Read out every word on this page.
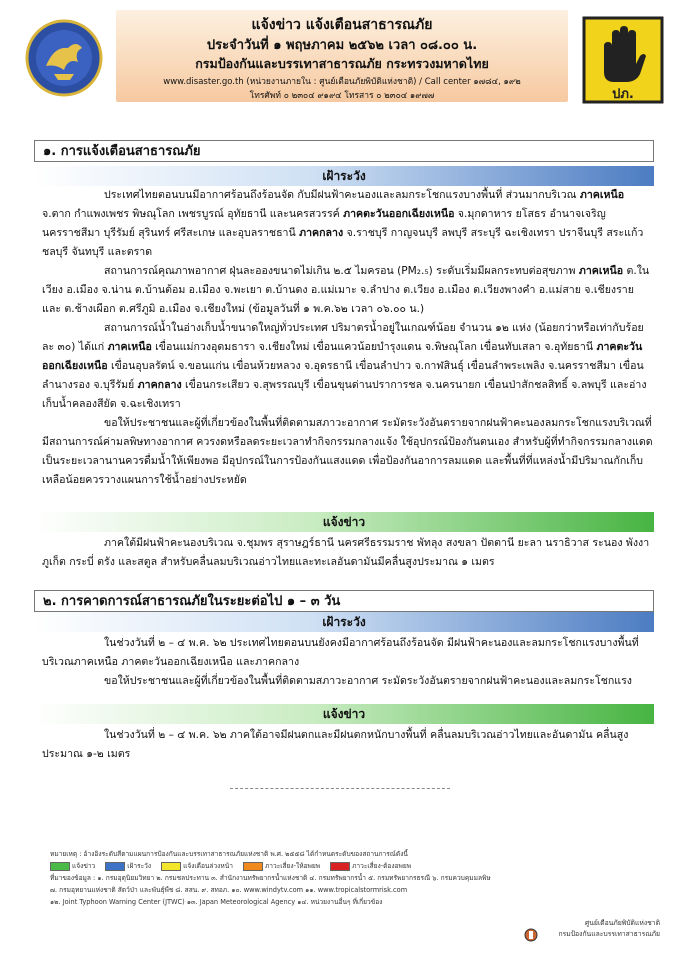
แจ้งข่าว แจ้งเตือนสาธารณภัย
ประจำวันที่ ๑ พฤษภาคม ๒๕๖๒ เวลา ๐๘.๐๐ น.
กรมป้องกันและบรรเทาสาธารณภัย กระทรวงมหาดไทย
www.disaster.go.th (หน่วยงานภายใน : ศูนย์เตือนภัยพิบัติแห่งชาติ) / Call center ๑๗๘๔, ๑๙๒
โทรศัพท์ ๐ ๒๓๐๔ ๙๑๙๔ โทรสาร ๐ ๒๓๐๔ ๑๙๗๗	ปภ.
๑. การแจ้งเตือนสาธารณภัย
เฝ้าระวัง

ประเทศไทยตอนบนมีอากาศร้อนถึงร้อนจัด กับมีฝนฟ้าคะนองและลมกระโชกแรงบางพื้นที่ ส่วนมากบริเวณ ภาคเหนือ จ.ตาก กำแพงเพชร พิษณุโลก เพชรบูรณ์ อุทัยธานี และนครสวรรค์ ภาคตะวันออกเฉียงเหนือ จ.มุกดาหาร ยโสธร อำนาจเจริญ นครราชสีมา บุรีรัมย์ สุรินทร์ ศรีสะเกษ และอุบลราชธานี ภาคกลาง จ.ราชบุรี กาญจนบุรี ลพบุรี สระบุรี ฉะเชิงเทรา ปราจีนบุรี สระแก้ว ชลบุรี จันทบุรี และตราด

สถานการณ์คุณภาพอากาศ ฝุ่นละอองขนาดไม่เกิน ๒.๕ ไมครอน (PM₂.₅) ระดับเริ่มมีผลกระทบต่อสุขภาพ ภาคเหนือ ต.ในเวียง อ.เมือง จ.น่าน ต.บ้านต้อม อ.เมือง จ.พะเยา ต.บ้านดง อ.แม่เมาะ จ.ลำปาง ต.เวียง อ.เมือง ต.เวียงพางคำ อ.แม่สาย จ.เชียงราย และ ต.ช้างเผือก ต.ศรีภูมิ อ.เมือง จ.เชียงใหม่ (ข้อมูลวันที่ ๑ พ.ค.๖๒ เวลา ๐๖.๐๐ น.)

สถานการณ์น้ำในอ่างเก็บน้ำขนาดใหญ่ทั่วประเทศ ปริมาตรน้ำอยู่ในเกณฑ์น้อย จำนวน ๑๒ แห่ง (น้อยกว่าหรือเท่ากับร้อยละ ๓๐) ได้แก่ ภาคเหนือ เขื่อนแม่กวงอุดมธารา จ.เชียงใหม่ เขื่อนแควน้อยบำรุงแดน จ.พิษณุโลก เขื่อนทับเสลา จ.อุทัยธานี ภาคตะวันออกเฉียงเหนือ เขื่อนอุบลรัตน์ จ.ขอนแก่น เขื่อนห้วยหลวง จ.อุดรธานี เขื่อนลำปาว จ.กาฬสินธุ์ เขื่อนลำพระเพลิง จ.นครราชสีมา เขื่อนลำนางรอง จ.บุรีรัมย์ ภาคกลาง เขื่อนกระเสียว จ.สุพรรณบุรี เขื่อนขุนด่านปราการชล จ.นครนายก เขื่อนป่าสักชลสิทธิ์ จ.ลพบุรี และอ่างเก็บน้ำคลองสียัด จ.ฉะเชิงเทรา

ขอให้ประชาชนและผู้ที่เกี่ยวข้องในพื้นที่ติดตามสภาวะอากาศ ระมัดระวังอันตรายจากฝนฟ้าคะนองลมกระโชกแรงบริเวณที่มีสถานการณ์ค่ามลพิษทางอากาศ ควรงดหรือลดระยะเวลาทำกิจกรรมกลางแจ้ง ใช้อุปกรณ์ป้องกันตนเอง สำหรับผู้ที่ทำกิจกรรมกลางแดดเป็นระยะเวลานานควรดื่มน้ำให้เพียงพอ มีอุปกรณ์ในการป้องกันแสงแดด เพื่อป้องกันอาการลมแดด และพื้นที่ที่แหล่งน้ำมีปริมาณกักเก็บเหลือน้อยควรวางแผนการใช้น้ำอย่างประหยัด

แจ้งข่าว

ภาคใต้มีฝนฟ้าคะนองบริเวณ จ.ชุมพร สุราษฎร์ธานี นครศรีธรรมราช พัทลุง สงขลา ปัตตานี ยะลา นราธิวาส ระนอง พังงา ภูเก็ต กระบี่ ตรัง และสตูล สำหรับคลื่นลมบริเวณอ่าวไทยและทะเลอันดามันมีคลื่นสูงประมาณ ๑ เมตร

๒. การคาดการณ์สาธารณภัยในระยะต่อไป ๑ – ๓ วัน
เฝ้าระวัง

ในช่วงวันที่ ๒ – ๔ พ.ค. ๖๒ ประเทศไทยตอนบนยังคงมีอากาศร้อนถึงร้อนจัด มีฝนฟ้าคะนองและลมกระโชกแรงบางพื้นที่ บริเวณภาคเหนือ ภาคตะวันออกเฉียงเหนือ และภาคกลาง

ขอให้ประชาชนและผู้ที่เกี่ยวข้องในพื้นที่ติดตามสภาวะอากาศ ระมัดระวังอันตรายจากฝนฟ้าคะนองและลมกระโชกแรง

แจ้งข่าว

ในช่วงวันที่ ๒ – ๔ พ.ค. ๖๒ ภาคใต้อาจมีฝนตกและมีฝนตกหนักบางพื้นที่ คลื่นลมบริเวณอ่าวไทยและอันดามัน คลื่นสูงประมาณ ๑-๒ เมตร

หมายเหตุ : อ้างอิงระดับสีตามแผนการป้องกันและบรรเทาสาธารณภัยแห่งชาติ พ.ศ. ๒๕๕๘ ได้กำหนดระดับของสถานการณ์ดังนี้
แจ้งข่าว	เฝ้าระวัง	แจ้งเตือนล่วงหน้า	ภาวะเสี่ยง-ให้อพยพ	ภาวะเสี่ยง-ต้องอพยพ
ที่มาของข้อมูล : ๑. กรมอุตุนิยมวิทยา ๒. กรมชลประทาน ๓. สำนักงานทรัพยากรน้ำแห่งชาติ ๔. กรมทรัพยากรน้ำ ๕. กรมทรัพยากรธรณี ๖. กรมควบคุมมลพิษ
๗. กรมอุทยานแห่งชาติ สัตว์ป่า และพันธุ์พืช ๘. สสน. ๙. สทอภ. ๑๐. www.windytv.com ๑๑. www.tropicalstormrisk.com
๑๒. Joint Typhoon Warning Center (JTWC) ๑๓. Japan Meteorological Agency ๑๔. หน่วยงานอื่นๆ ที่เกี่ยวข้อง
ศูนย์เตือนภัยพิบัติแห่งชาติ
กรมป้องกันและบรรเทาสาธารณภัย
